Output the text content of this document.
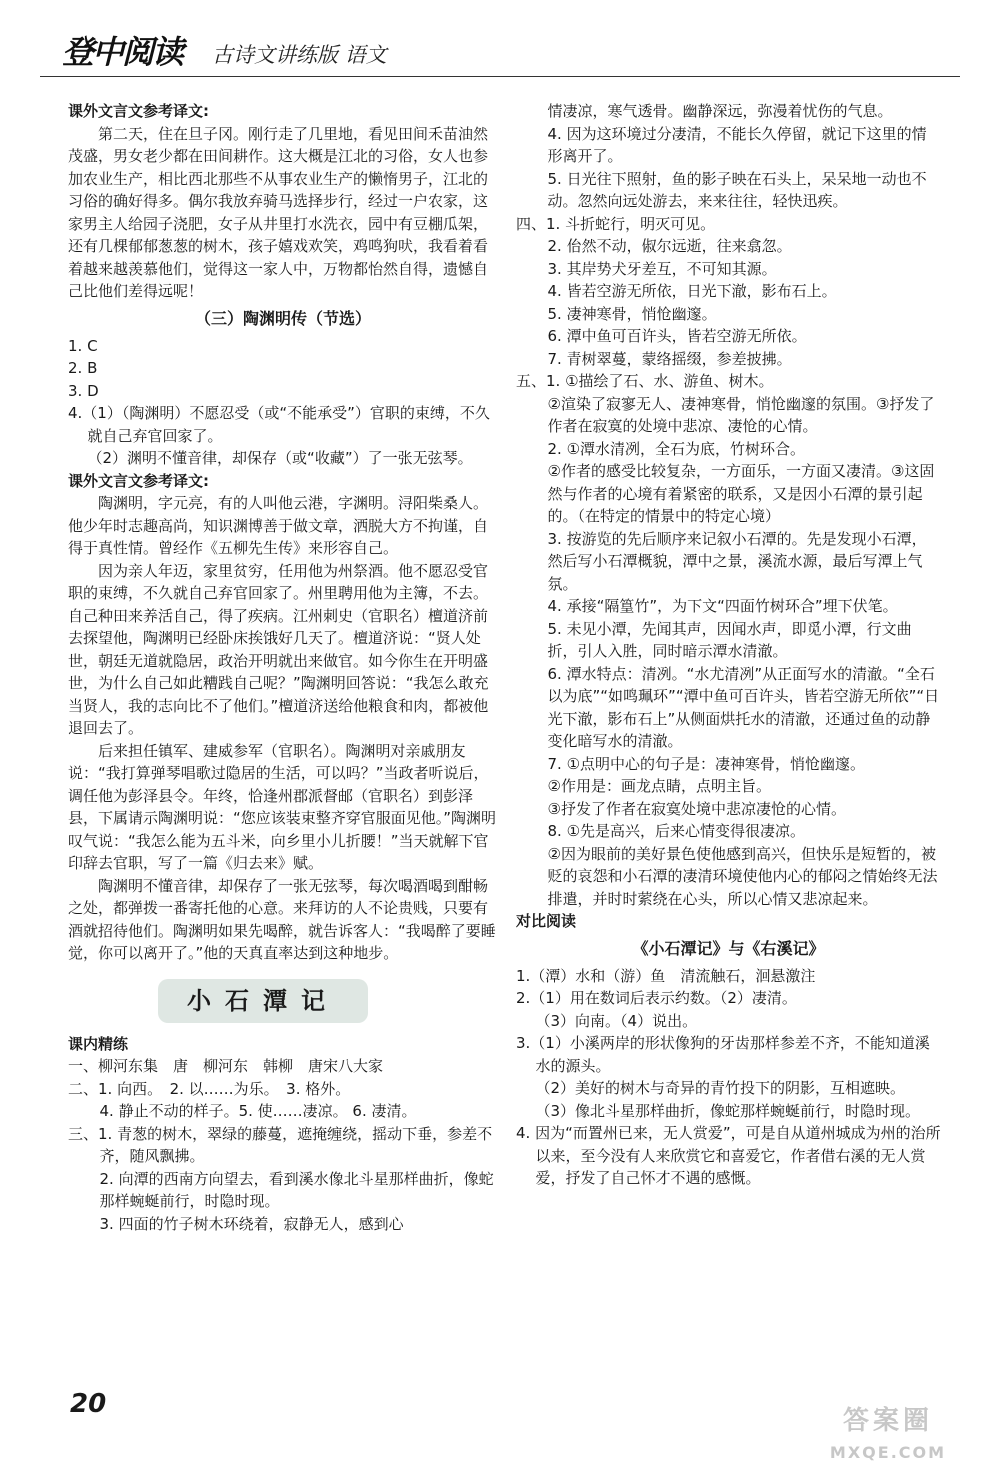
登中阅读 古诗文讲练版 语文

课外文言文参考译文:

第二天，住在旦子冈。刚行走了几里地，看见田间禾苗油然茂盛，男女老少都在田间耕作。这大概是江北的习俗，女人也参加农业生产，相比西北那些不从事农业生产的懒惰男子，江北的习俗的确好得多。偶尔我放弃骑马选择步行，经过一户农家，这家男主人给园子浇肥，女子从井里打水洗衣，园中有豆棚瓜架，还有几棵郁郁葱葱的树木，孩子嬉戏欢笑，鸡鸣狗吠，我看着看着越来越羡慕他们，觉得这一家人中，万物都怡然自得，遗憾自己比他们差得远呢！

（三）陶渊明传（节选）

1. C

2. B

3. D

4.（1）（陶渊明）不愿忍受（或“不能承受”）官职的束缚，不久就自己弃官回家了。

（2）渊明不懂音律，却保存（或“收藏”）了一张无弦琴。

课外文言文参考译文:

陶渊明，字元亮，有的人叫他云港，字渊明。浔阳柴桑人。他少年时志趣高尚，知识渊博善于做文章，洒脱大方不拘谨，自得于真性情。曾经作《五柳先生传》来形容自己。

因为亲人年迈，家里贫穷，任用他为州祭酒。他不愿忍受官职的束缚，不久就自己弃官回家了。州里聘用他为主簿，不去。自己种田来养活自己，得了疾病。江州刺史（官职名）檀道济前去探望他，陶渊明已经卧床挨饿好几天了。檀道济说：“贤人处世，朝廷无道就隐居，政治开明就出来做官。如今你生在开明盛世，为什么自己如此糟践自己呢？”陶渊明回答说：“我怎么敢充当贤人，我的志向比不了他们。”檀道济送给他粮食和肉，都被他退回去了。

后来担任镇军、建威参军（官职名）。陶渊明对亲戚朋友说：“我打算弹琴唱歌过隐居的生活，可以吗？”当政者听说后，调任他为彭泽县令。年终，恰逢州郡派督邮（官职名）到彭泽县，下属请示陶渊明说：“您应该装束整齐穿官服面见他。”陶渊明叹气说：“我怎么能为五斗米，向乡里小儿折腰！”当天就解下官印辞去官职，写了一篇《归去来》赋。

陶渊明不懂音律，却保存了一张无弦琴，每次喝酒喝到酣畅之处，都弹拨一番寄托他的心意。来拜访的人不论贵贱，只要有酒就招待他们。陶渊明如果先喝醉，就告诉客人：“我喝醉了要睡觉，你可以离开了。”他的天真直率达到这种地步。

小石潭记

课内精练

一、柳河东集　唐　柳河东　韩柳　唐宋八大家

二、1. 向西。　2. 以……为乐。　3. 格外。

4. 静止不动的样子。5. 使……凄凉。 6. 凄清。

三、1. 青葱的树木，翠绿的藤蔓，遮掩缠绕，摇动下垂，参差不齐，随风飘拂。

2. 向潭的西南方向望去，看到溪水像北斗星那样曲折，像蛇那样蜿蜒前行，时隐时现。

3. 四面的竹子树木环绕着，寂静无人，感到心

情凄凉，寒气透骨。幽静深远，弥漫着忧伤的气息。

4. 因为这环境过分凄清，不能长久停留，就记下这里的情形离开了。

5. 日光往下照射，鱼的影子映在石头上，呆呆地一动也不动。忽然向远处游去，来来往往，轻快迅疾。

四、1. 斗折蛇行，明灭可见。

2. 佁然不动，俶尔远逝，往来翕忽。

3. 其岸势犬牙差互，不可知其源。

4. 皆若空游无所依，日光下澈，影布石上。

5. 凄神寒骨，悄怆幽邃。

6. 潭中鱼可百许头，皆若空游无所依。

7. 青树翠蔓，蒙络摇缀，参差披拂。

五、1. ①描绘了石、水、游鱼、树木。

②渲染了寂寥无人、凄神寒骨，悄怆幽邃的氛围。③抒发了作者在寂寞的处境中悲凉、凄怆的心情。

2. ①潭水清冽，全石为底，竹树环合。

②作者的感受比较复杂，一方面乐，一方面又凄清。③这固然与作者的心境有着紧密的联系，又是因小石潭的景引起的。（在特定的情景中的特定心境）

3. 按游览的先后顺序来记叙小石潭的。先是发现小石潭，然后写小石潭概貌，潭中之景，溪流水源，最后写潭上气氛。

4. 承接“隔篁竹”，为下文“四面竹树环合”埋下伏笔。

5. 未见小潭，先闻其声，因闻水声，即觅小潭，行文曲折，引人入胜，同时暗示潭水清澈。

6. 潭水特点：清冽。“水尤清冽”从正面写水的清澈。“全石以为底”“如鸣珮环”“潭中鱼可百许头，皆若空游无所依”“日光下澈，影布石上”从侧面烘托水的清澈，还通过鱼的动静变化暗写水的清澈。

7. ①点明中心的句子是：凄神寒骨，悄怆幽邃。

②作用是：画龙点睛，点明主旨。

③抒发了作者在寂寞处境中悲凉凄怆的心情。

8. ①先是高兴，后来心情变得很凄凉。

②因为眼前的美好景色使他感到高兴，但快乐是短暂的，被贬的哀怨和小石潭的凄清环境使他内心的郁闷之情始终无法排遣，并时时萦绕在心头，所以心情又悲凉起来。

对比阅读

《小石潭记》与《右溪记》

1.（潭）水和（游）鱼　清流触石，洄悬激注

2.（1）用在数词后表示约数。（2）凄清。

（3）向南。（4）说出。

3.（1）小溪两岸的形状像狗的牙齿那样参差不齐，不能知道溪水的源头。

（2）美好的树木与奇异的青竹投下的阴影，互相遮映。

（3）像北斗星那样曲折，像蛇那样蜿蜒前行，时隐时现。

4. 因为“而置州已来，无人赏爱”，可是自从道州城成为州的治所以来，至今没有人来欣赏它和喜爱它，作者借右溪的无人赏爱，抒发了自己怀才不遇的感慨。

20
答案圈
MXQE.COM
